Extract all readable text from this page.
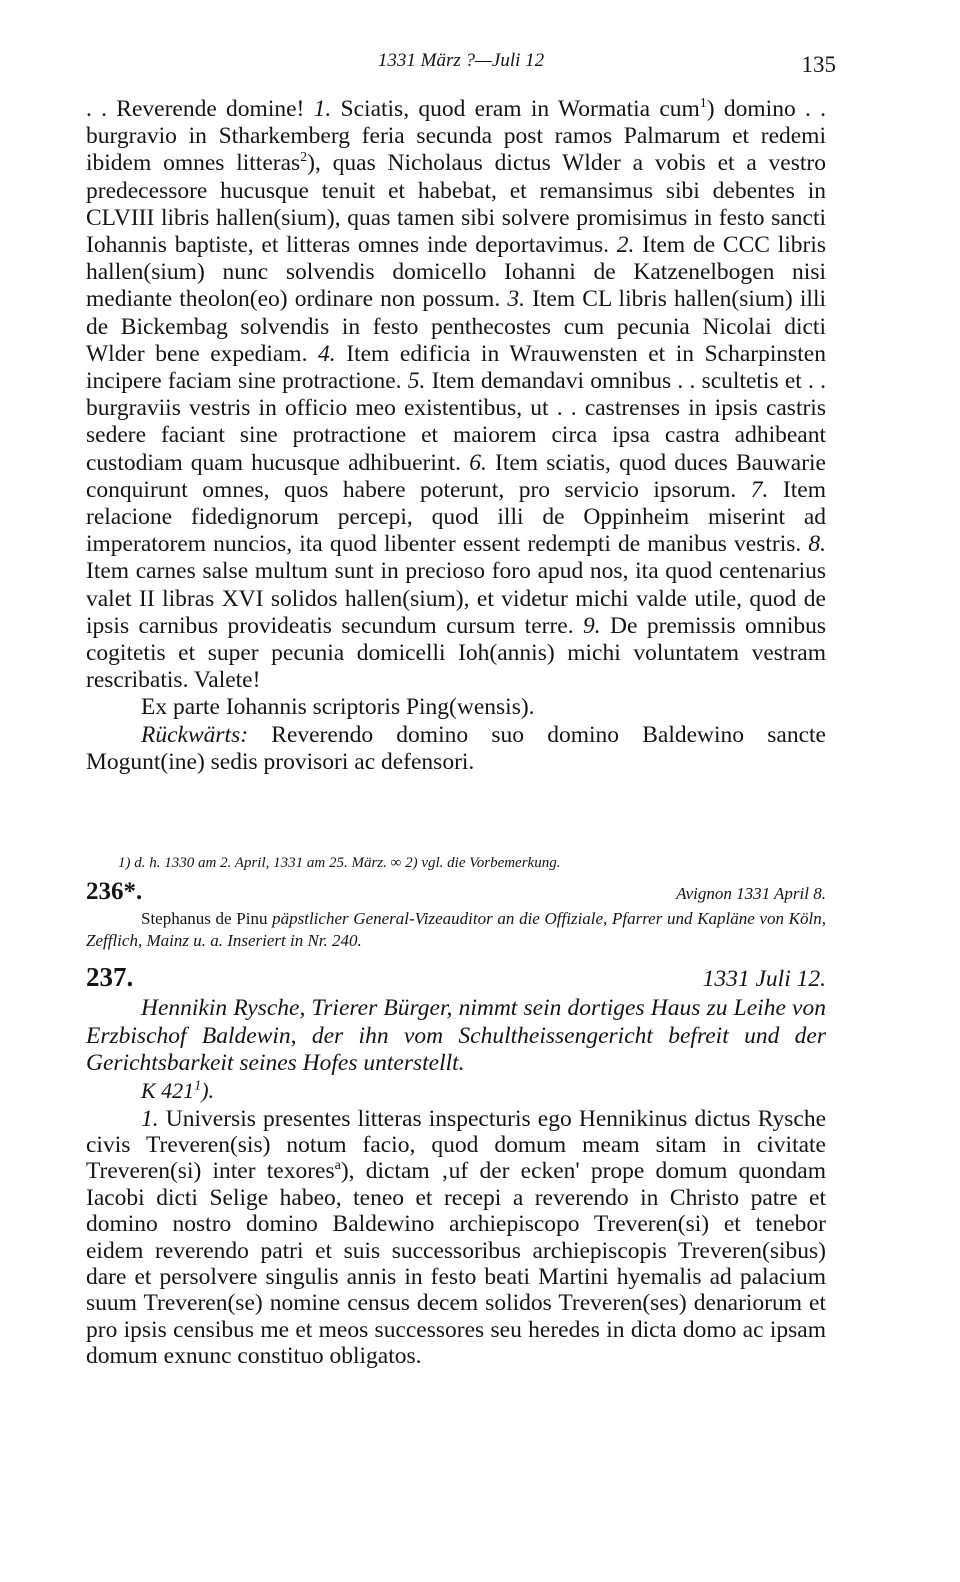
1331 März ?—Juli 12	135

. . Reverende domine! 1. Sciatis, quod eram in Wormatia cum$^1$) domino . . burgravio in Stharkemberg feria secunda post ramos Palmarum et redemi ibidem omnes litteras$^2$), quas Nicholaus dictus Wlder a vobis et a vestro predecessore hucusque tenuit et habebat, et remansimus sibi debentes in CLVIII libris hallen(sium), quas tamen sibi solvere promisimus in festo sancti Iohannis baptiste, et litteras omnes inde deportavimus. 2. Item de CCC libris hallen(sium) nunc solvendis domicello Iohanni de Katzenelbogen nisi mediante theolon(eo) ordinare non possum. 3. Item CL libris hallen(sium) illi de Bickembag solvendis in festo penthecostes cum pecunia Nicolai dicti Wlder bene expediam. 4. Item edificia in Wrauwensten et in Scharpinsten incipere faciam sine protractione. 5. Item demandavi omnibus . . scultetis et . . burgraviis vestris in officio meo existentibus, ut . . castrenses in ipsis castris sedere faciant sine protractione et maiorem circa ipsa castra adhibeant custodiam quam hucusque adhibuerint. 6. Item sciatis, quod duces Bauwarie conquirunt omnes, quos habere poterunt, pro servicio ipsorum. 7. Item relacione fidedignorum percepi, quod illi de Oppinheim miserint ad imperatorem nuncios, ita quod libenter essent redempti de manibus vestris. 8. Item carnes salse multum sunt in precioso foro apud nos, ita quod centenarius valet II libras XVI solidos hallen(sium), et videtur michi valde utile, quod de ipsis carnibus provideatis secundum cursum terre. 9. De premissis omnibus cogitetis et super pecunia domicelli Ioh(annis) michi voluntatem vestram rescribatis. Valete!

Ex parte Iohannis scriptoris Ping(wensis).

Rückwärts: Reverendo domino suo domino Baldewino sancte Mogunt(ine) sedis provisori ac defensori.

1) d. h. 1330 am 2. April, 1331 am 25. März. ∞ 2) vgl. die Vorbemerkung.
236*.	Avignon 1331 April 8.
Stephanus de Pinu päpstlicher General-Vizeauditor an die Offiziale, Pfarrer und Kapläne von Köln, Zefflich, Mainz u. a. Inseriert in Nr. 240.
237.	1331 Juli 12.
Hennikin Rysche, Trierer Bürger, nimmt sein dortiges Haus zu Leihe von Erzbischof Baldewin, der ihn vom Schultheissengericht befreit und der Gerichtsbarkeit seines Hofes unterstellt.
K $421^1$).
1. Universis presentes litteras inspecturis ego Hennikinus dictus Rysche civis Treveren(sis) notum facio, quod domum meam sitam in civitate Treveren(si) inter texores$^a$), dictam ‚uf der ecken' prope domum quondam Iacobi dicti Selige habeo, teneo et recepi a reverendo in Christo patre et domino nostro domino Baldewino archiepiscopo Treveren(si) et tenebor eidem reverendo patri et suis successoribus archiepiscopis Treveren(sibus) dare et persolvere singulis annis in festo beati Martini hyemalis ad palacium suum Treveren(se) nomine census decem solidos Treveren(ses) denariorum et pro ipsis censibus me et meos successores seu heredes in dicta domo ac ipsam domum exnunc constituo obligatos.
